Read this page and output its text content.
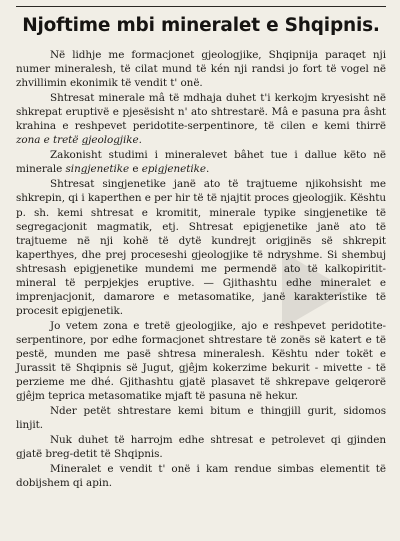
Njoftime mbi mineralet e Shqipnis.

Në lidhje me formacjonet gjeologjike, Shqipnija paraqet nji numer mineralesh, të cilat mund të kén nji randsi jo fort të vogel në zhvillimin ekonimik të vendit t' onë.

Shtresat minerale mâ të mdhaja duhet t'i kerkojm kryesisht në shkrepat eruptivë e pjesësisht n' ato shtrestarë. Mâ e pasuna pra âsht krahina e reshpevet peridotite-serpentinore, të cilen e kemi thirrë zona e tretë gjeologjike.

Zakonisht studimi i mineralevet bâhet tue i dallue këto në minerale singjenetike e epigjenetike.

Shtresat singjenetike janë ato të trajtueme njikohsisht me shkrepin, qi i kaperthen e per hir të të njajtit proces gjeologjik. Kështu p. sh. kemi shtresat e kromitit, minerale typike singjenetike të segregacjonit magmatik, etj. Shtresat epigjenetike janë ato të trajtueme në nji kohë të dytë kundrejt origjinës së shkrepit kaperthyes, dhe prej proceseshi gjeologjike të ndryshme. Si shembuj shtresash epigjenetike mundemi me permendë ato të kalkopiritit-mineral të perpjekjes eruptive. — Gjithashtu edhe mineralet e imprenjacjonit, damarore e metasomatike, janë karakteristike të procesit epigjenetik.

Jo vetem zona e tretë gjeologjike, ajo e reshpevet peridotite-serpentinore, por edhe formacjonet shtrestare të zonës së katert e të pestë, munden me pasë shtresa mineralesh. Kështu nder tokët e Jurassit të Shqipnis së Jugut, gjêjm kokerzime bekurit - mivette - të perzieme me dhé. Gjithashtu gjatë plasavet të shkrepave gelqerorë gjêjm teprica metasomatike mjaft të pasuna në hekur.

Nder petët shtrestare kemi bitum e thingjill gurit, sidomos linjit.

Nuk duhet të harrojm edhe shtresat e petrolevet qi gjinden gjatë breg-detit të Shqipnis.

Mineralet e vendit t' onë i kam rendue simbas elementit të dobijshem qi apin.
